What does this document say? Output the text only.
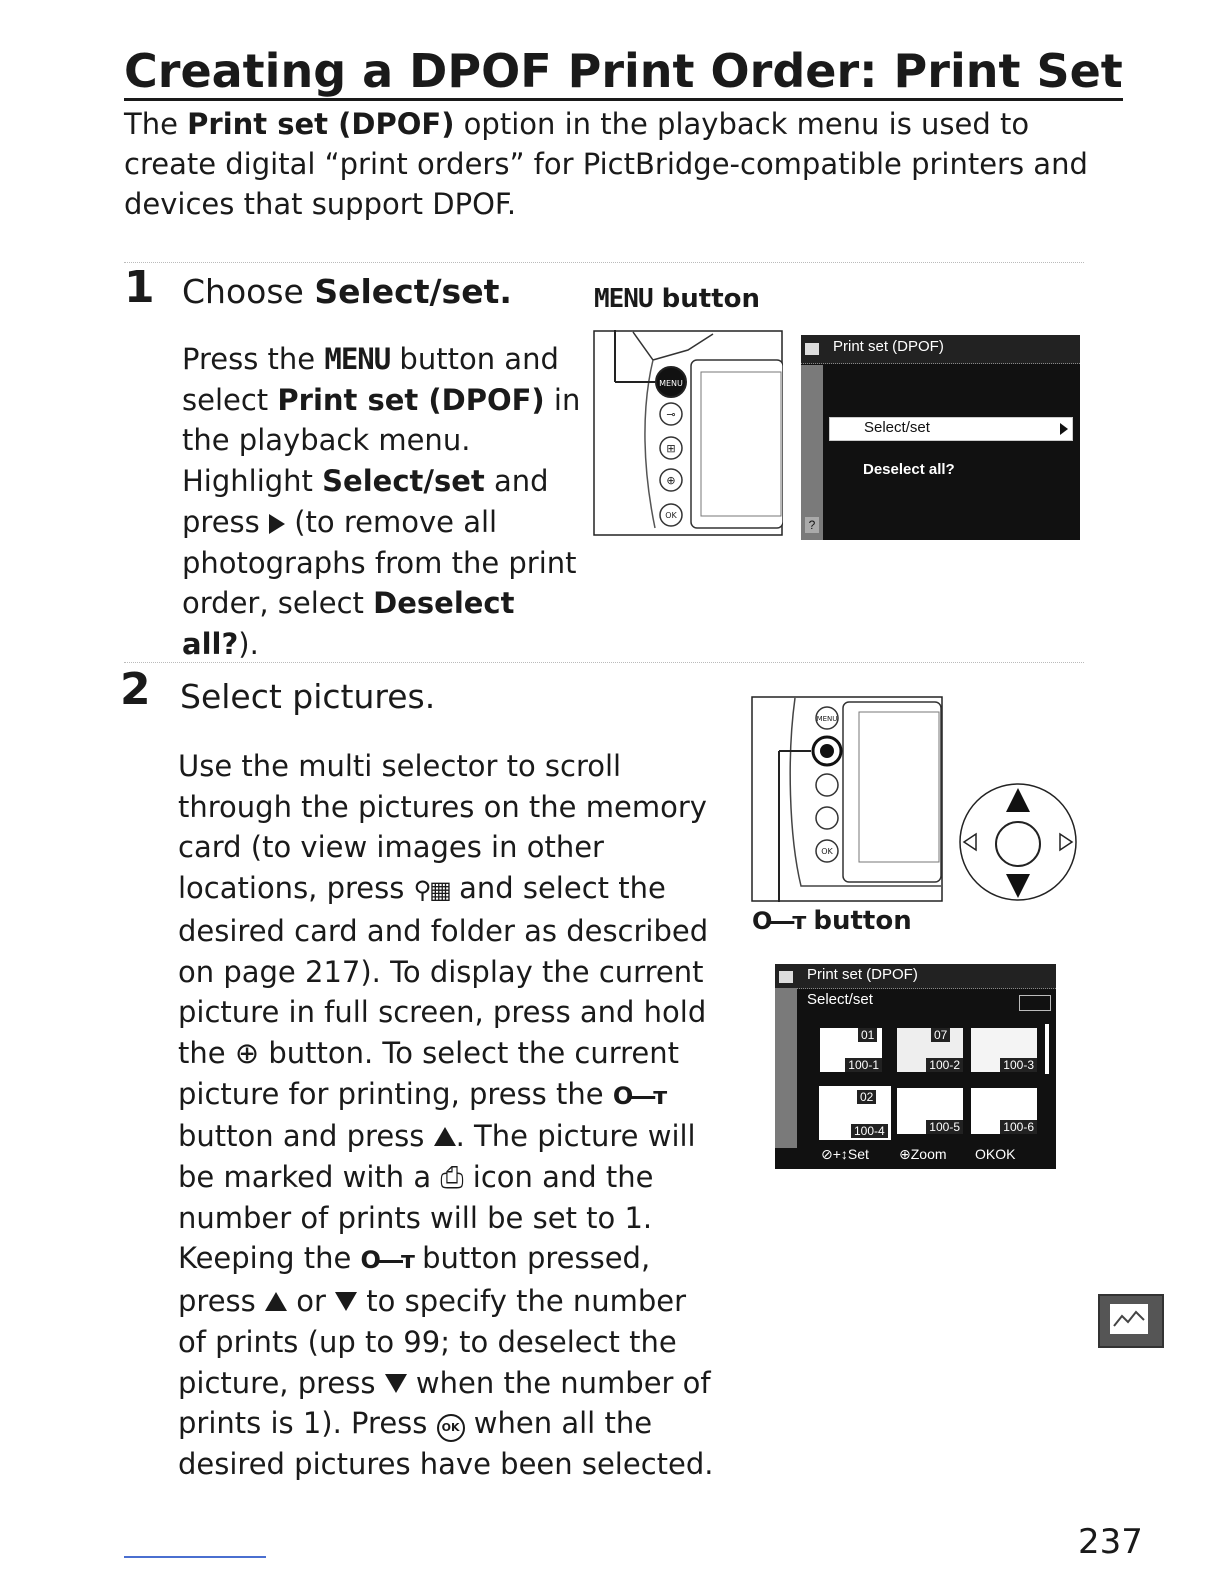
Creating a DPOF Print Order: Print Set
The Print set (DPOF) option in the playback menu is used to create digital “print orders” for PictBridge-compatible printers and devices that support DPOF.
1 Choose Select/set.	MENU button
Press the MENU button and select Print set (DPOF) in the playback menu. Highlight Select/set and press  (to remove all photographs from the print order, select Deselect all?).
MENU
OK
⊕
⊞
⊸
Print set (DPOF)
Select/set
Deselect all?
?
2 Select pictures.
MENU
OK
O―т button
Print set (DPOF)
Select/set
01
100-1
07
100-2	100-3
02
100-4	100-5	100-6
⊘+↕Set ⊕Zoom OKOK
Use the multi selector to scroll through the pictures on the memory card (to view images in other locations, press ⚲▦ and select the desired card and folder as described on page 217). To display the current picture in full screen, press and hold the ⊕ button. To select the current picture for printing, press the O―т button and press . The picture will be marked with a ⎙ icon and the number of prints will be set to 1. Keeping the O―т button pressed, press  or  to specify the number of prints (up to 99; to deselect the picture, press  when the number of prints is 1). Press OK when all the desired pictures have been selected.
237
